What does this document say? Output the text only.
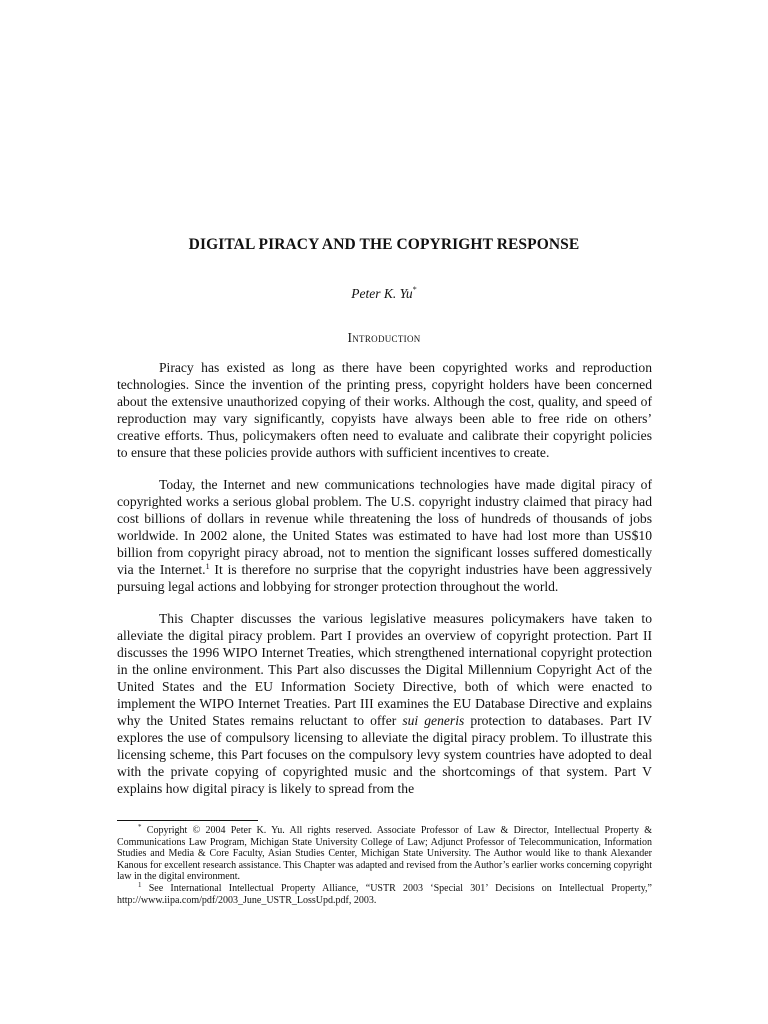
DIGITAL PIRACY AND THE COPYRIGHT RESPONSE
Peter K. Yu*
Introduction

Piracy has existed as long as there have been copyrighted works and reproduction technologies. Since the invention of the printing press, copyright holders have been concerned about the extensive unauthorized copying of their works. Although the cost, quality, and speed of reproduction may vary significantly, copyists have always been able to free ride on others’ creative efforts. Thus, policymakers often need to evaluate and calibrate their copyright policies to ensure that these policies provide authors with sufficient incentives to create.

Today, the Internet and new communications technologies have made digital piracy of copyrighted works a serious global problem. The U.S. copyright industry claimed that piracy had cost billions of dollars in revenue while threatening the loss of hundreds of thousands of jobs worldwide. In 2002 alone, the United States was estimated to have had lost more than US$10 billion from copyright piracy abroad, not to mention the significant losses suffered domestically via the Internet.$^1$ It is therefore no surprise that the copyright industries have been aggressively pursuing legal actions and lobbying for stronger protection throughout the world.

This Chapter discusses the various legislative measures policymakers have taken to alleviate the digital piracy problem. Part I provides an overview of copyright protection. Part II discusses the 1996 WIPO Internet Treaties, which strengthened international copyright protection in the online environment. This Part also discusses the Digital Millennium Copyright Act of the United States and the EU Information Society Directive, both of which were enacted to implement the WIPO Internet Treaties. Part III examines the EU Database Directive and explains why the United States remains reluctant to offer sui generis protection to databases. Part IV explores the use of compulsory licensing to alleviate the digital piracy problem. To illustrate this licensing scheme, this Part focuses on the compulsory levy system countries have adopted to deal with the private copying of copyrighted music and the shortcomings of that system. Part V explains how digital piracy is likely to spread from the

* Copyright © 2004 Peter K. Yu. All rights reserved. Associate Professor of Law & Director, Intellectual Property & Communications Law Program, Michigan State University College of Law; Adjunct Professor of Telecommunication, Information Studies and Media & Core Faculty, Asian Studies Center, Michigan State University. The Author would like to thank Alexander Kanous for excellent research assistance. This Chapter was adapted and revised from the Author’s earlier works concerning copyright law in the digital environment.

$^1$ See International Intellectual Property Alliance, “USTR 2003 ‘Special 301’ Decisions on Intellectual Property,” http://www.iipa.com/pdf/2003_June_USTR_LossUpd.pdf, 2003.
